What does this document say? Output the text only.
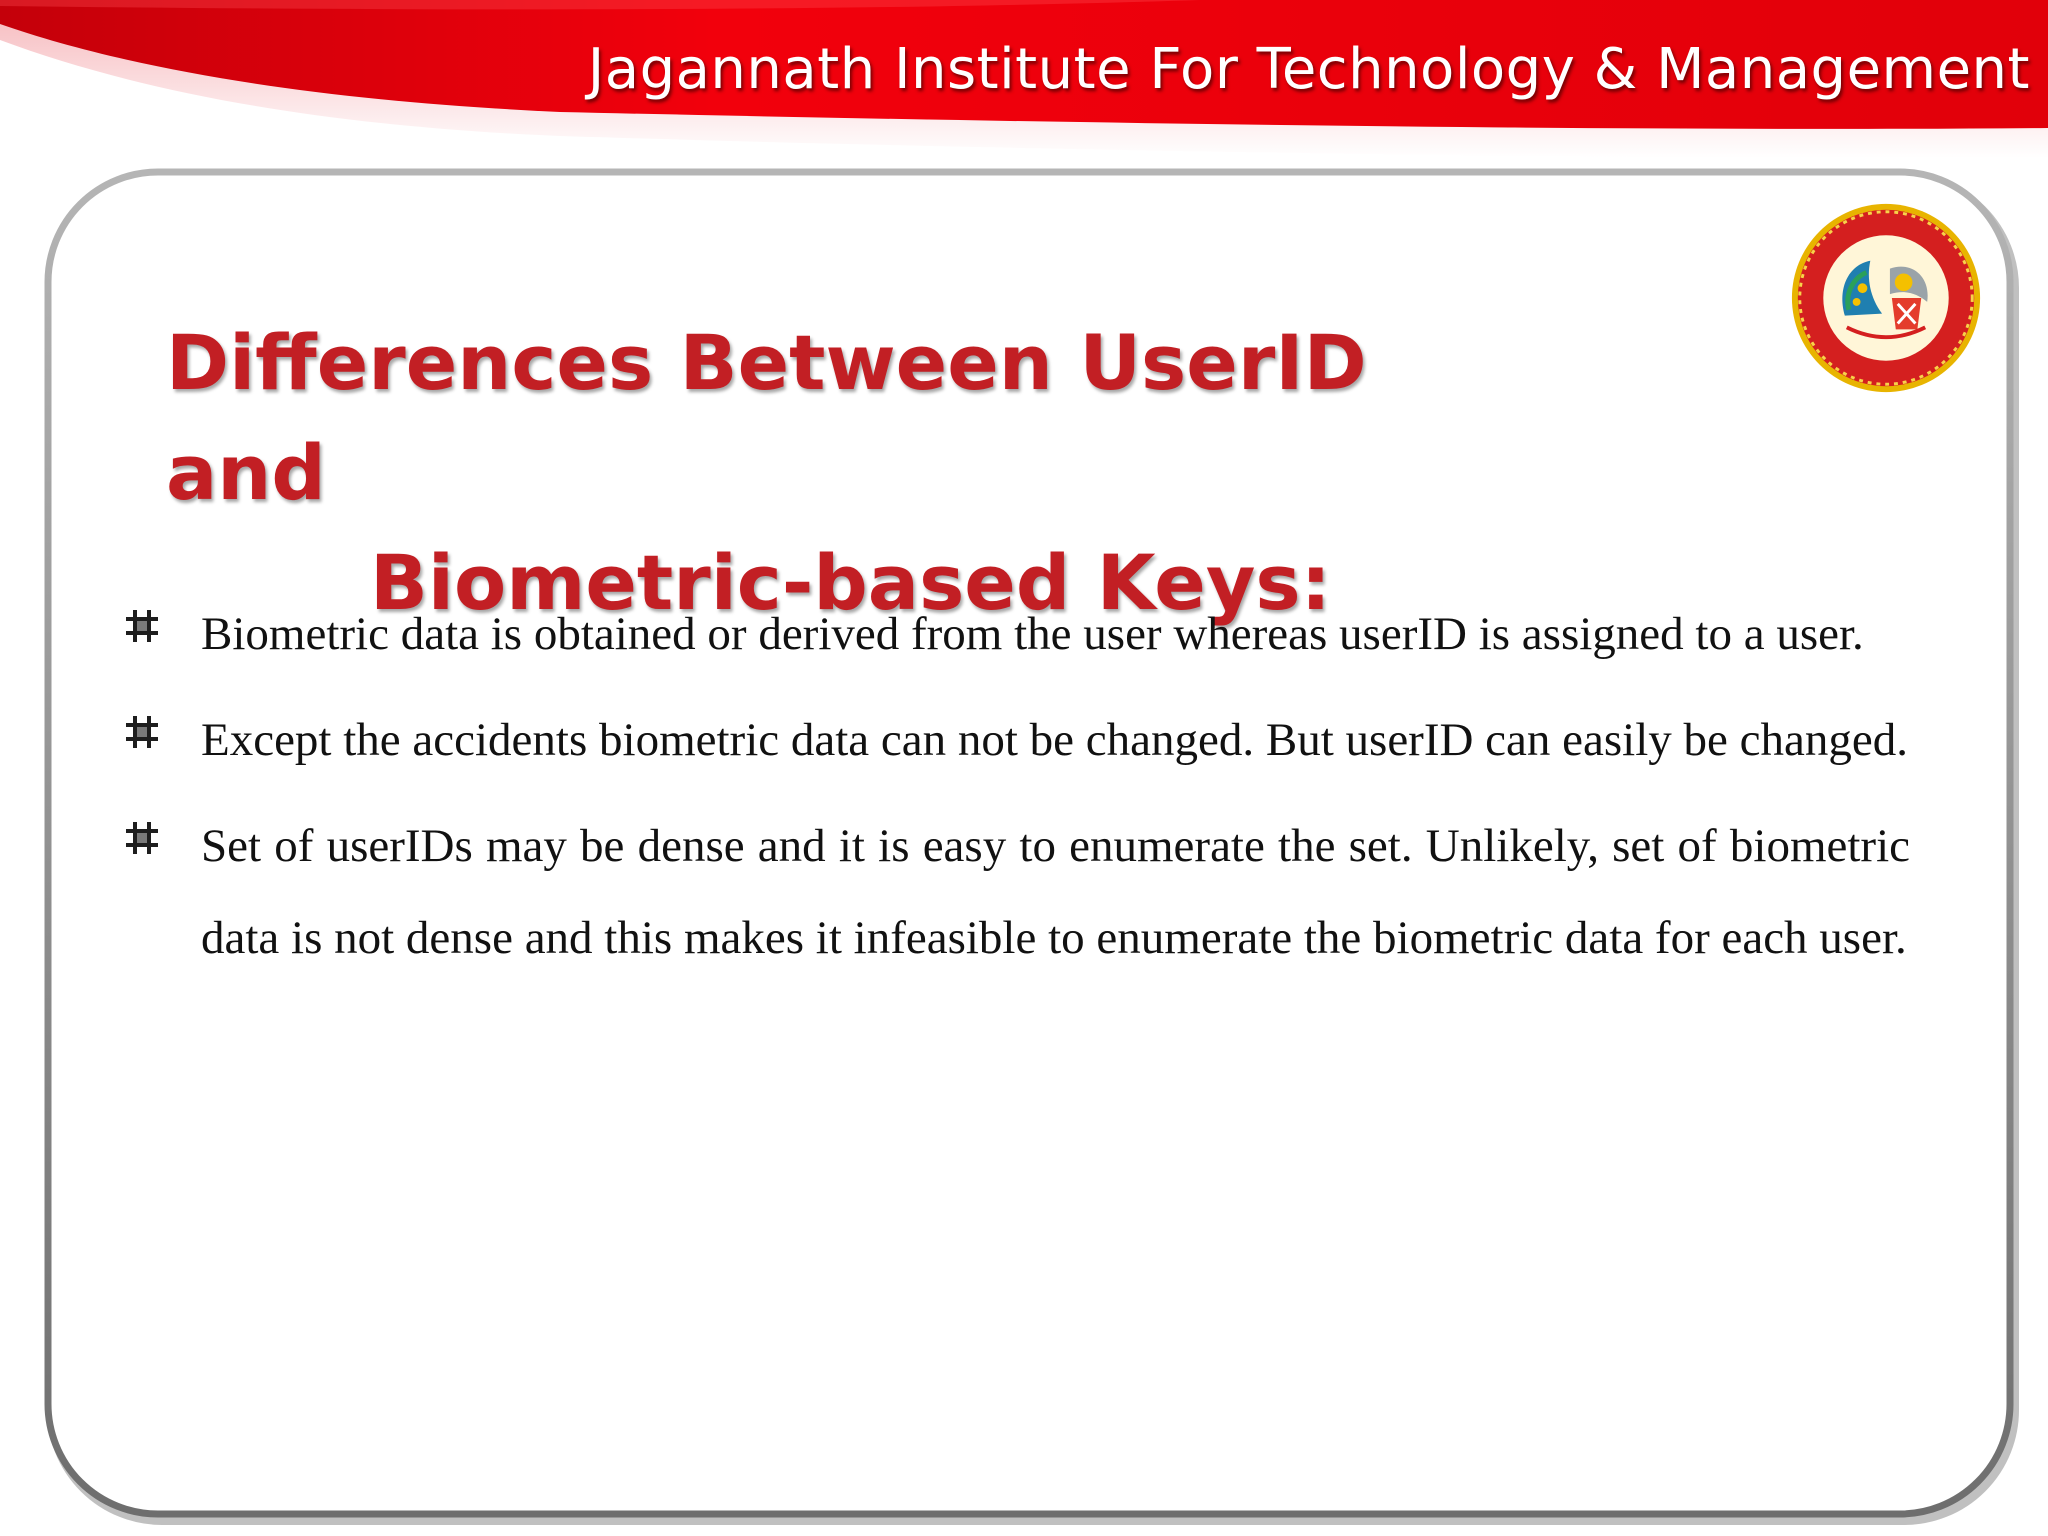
Jagannath Institute For Technology & Management
Differences Between UserID and
Biometric-based Keys:
Biometric data is obtained or derived from the user whereas userID is assigned to a user.
Except the accidents biometric data can not be changed. But userID can easily be changed.
Set of userIDs may be dense and it is easy to enumerate the set. Unlikely, set of biometric data is not dense and this makes it infeasible to enumerate the biometric data for each user.
